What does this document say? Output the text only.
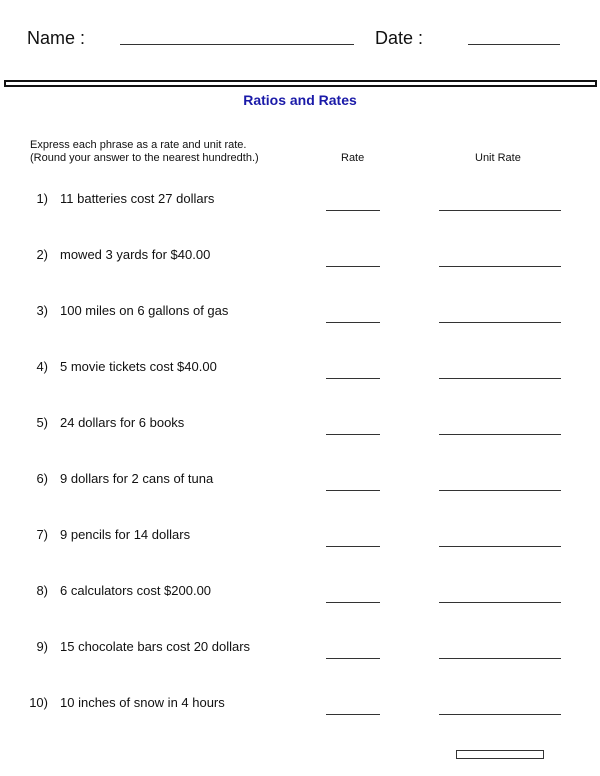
Name :	Date :
Ratios and Rates
Express each phrase as a rate and unit rate.
(Round your answer to the nearest hundredth.)	Rate	Unit Rate
1) 11 batteries cost 27 dollars
2) mowed 3 yards for $40.00
3) 100 miles on 6 gallons of gas
4) 5 movie tickets cost $40.00
5) 24 dollars for 6 books
6) 9 dollars for 2 cans of tuna
7) 9 pencils for 14 dollars
8) 6 calculators cost $200.00
9) 15 chocolate bars cost 20 dollars
10) 10 inches of snow in 4 hours
